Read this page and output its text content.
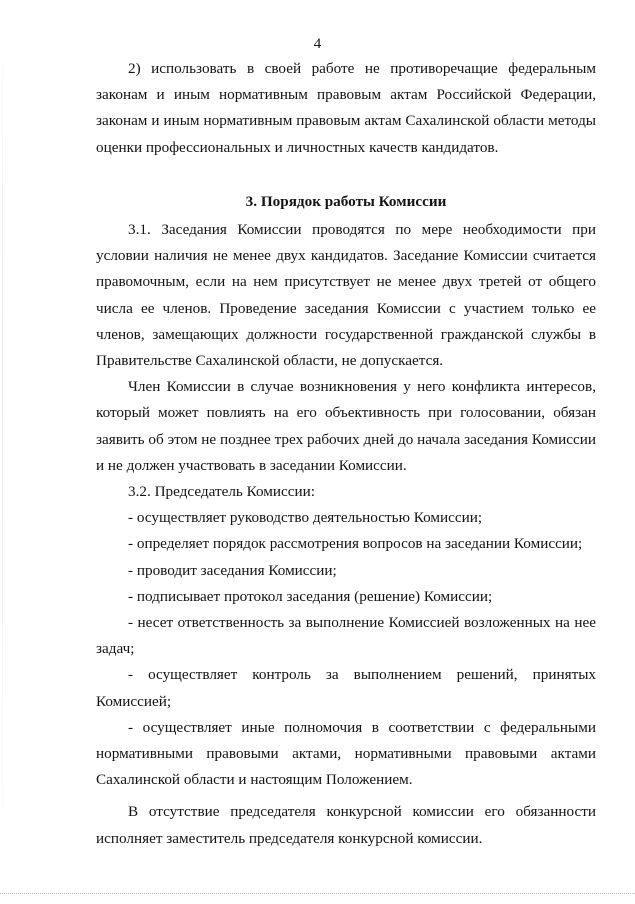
4

2) использовать в своей работе не противоречащие федеральным законам и иным нормативным правовым актам Российской Федерации, законам и иным нормативным правовым актам Сахалинской области методы оценки профессиональных и личностных качеств кандидатов.

3. Порядок работы Комиссии

3.1. Заседания Комиссии проводятся по мере необходимости при условии наличия не менее двух кандидатов. Заседание Комиссии считается правомочным, если на нем присутствует не менее двух третей от общего числа ее членов. Проведение заседания Комиссии с участием только ее членов, замещающих должности государственной гражданской службы в Правительстве Сахалинской области, не допускается.

Член Комиссии в случае возникновения у него конфликта интересов, который может повлиять на его объективность при голосовании, обязан заявить об этом не позднее трех рабочих дней до начала заседания Комиссии и не должен участвовать в заседании Комиссии.

3.2. Председатель Комиссии:

- осуществляет руководство деятельностью Комиссии;

- определяет порядок рассмотрения вопросов на заседании Комиссии;

- проводит заседания Комиссии;

- подписывает протокол заседания (решение) Комиссии;

- несет ответственность за выполнение Комиссией возложенных на нее задач;

- осуществляет контроль за выполнением решений, принятых Комиссией;

- осуществляет иные полномочия в соответствии с федеральными нормативными правовыми актами, нормативными правовыми актами Сахалинской области и настоящим Положением.

В отсутствие председателя конкурсной комиссии его обязанности исполняет заместитель председателя конкурсной комиссии.
